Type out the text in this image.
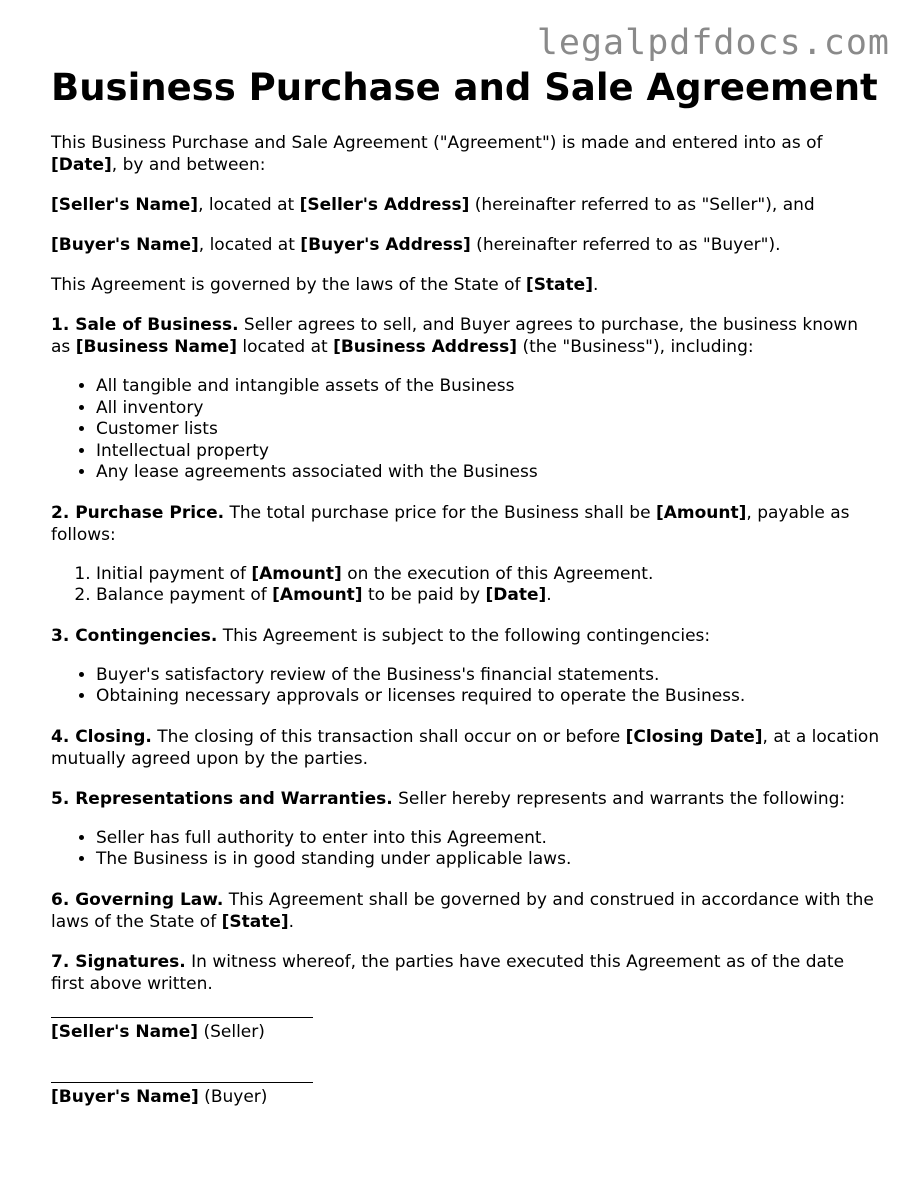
legalpdfdocs.com
Business Purchase and Sale Agreement

This Business Purchase and Sale Agreement ("Agreement") is made and entered into as of [Date], by and between:

[Seller's Name], located at [Seller's Address] (hereinafter referred to as "Seller"), and

[Buyer's Name], located at [Buyer's Address] (hereinafter referred to as "Buyer").

This Agreement is governed by the laws of the State of [State].

1. Sale of Business. Seller agrees to sell, and Buyer agrees to purchase, the business known as [Business Name] located at [Business Address] (the "Business"), including:

• All tangible and intangible assets of the Business
• All inventory
• Customer lists
• Intellectual property
• Any lease agreements associated with the Business

2. Purchase Price. The total purchase price for the Business shall be [Amount], payable as follows:

1. Initial payment of [Amount] on the execution of this Agreement.
2. Balance payment of [Amount] to be paid by [Date].

3. Contingencies. This Agreement is subject to the following contingencies:

• Buyer's satisfactory review of the Business's financial statements.
• Obtaining necessary approvals or licenses required to operate the Business.

4. Closing. The closing of this transaction shall occur on or before [Closing Date], at a location mutually agreed upon by the parties.

5. Representations and Warranties. Seller hereby represents and warrants the following:

• Seller has full authority to enter into this Agreement.
• The Business is in good standing under applicable laws.

6. Governing Law. This Agreement shall be governed by and construed in accordance with the laws of the State of [State].

7. Signatures. In witness whereof, the parties have executed this Agreement as of the date first above written.

[Seller's Name] (Seller)

[Buyer's Name] (Buyer)
